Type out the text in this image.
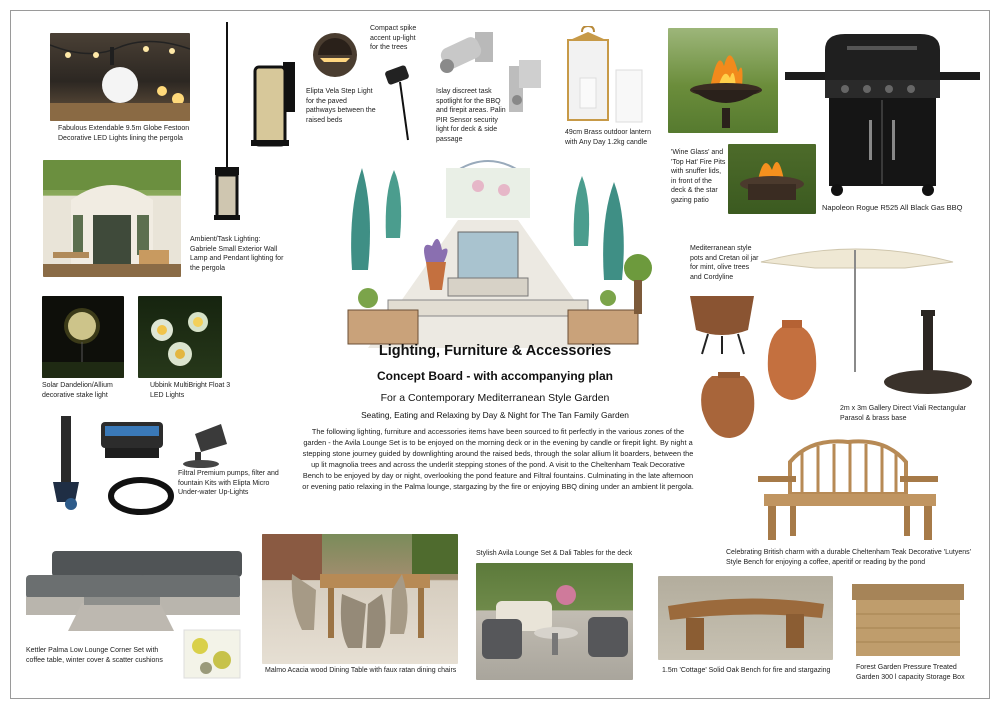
Fabulous Extendable 9.5m Globe Festoon Decorative LED Lights lining the pergola
Elipta Vela Step Light for the paved pathways between the raised beds
Compact spike accent up-light for the trees
Islay discreet task spotlight for the BBQ and firepit areas. Palin PIR Sensor security light for deck & side passage
49cm Brass outdoor lantern with Any Day 1.2kg candle
'Wine Glass' and 'Top Hat' Fire Pits with snuffer lids, in front of the deck & the star gazing patio
Napoleon Rogue R525 All Black Gas BBQ
Ambient/Task Lighting: Gabriele Small Exterior Wall Lamp and Pendant lighting for the pergola
Lighting, Furniture & Accessories
Concept Board - with accompanying plan
For a Contemporary Mediterranean Style Garden
Seating, Eating and Relaxing by Day & Night for The Tan Family Garden
The following lighting, furniture and accessories items have been sourced to fit perfectly in the various zones of the garden - the Avila Lounge Set is to be enjoyed on the morning deck or in the evening by candle or firepit light. By night a stepping stone journey guided by downlighting around the raised beds, through the solar allium lit boarders, between the up lit magnolia trees and across the underlit stepping stones of the pond. A visit to the Cheltenham Teak Decorative Bench to be enjoyed by day or night, overlooking the pond feature and Filtral fountains. Culminating in the late afternoon or evening patio relaxing in the Palma lounge, stargazing by the fire or enjoying BBQ dining under an ambient lit pergola.
Mediterranean style pots and Cretan oil jar for mint, olive trees and Cordyline
2m x 3m Gallery Direct Viali Rectangular Parasol & brass base
Solar Dandelion/Allium decorative stake light
Ubbink MultiBright Float 3 LED Lights
Filtral Premium pumps, filter and fountain Kits with Elipta Micro Under-water Up-Lights
Celebrating British charm with a durable Cheltenham Teak Decorative 'Lutyens' Style Bench for enjoying a coffee, aperitif or reading by the pond
Kettler Palma Low Lounge Corner Set with coffee table, winter cover & scatter cushions
Malmo Acacia wood Dining Table with faux ratan dining chairs
Stylish Avila Lounge Set & Dali Tables for the deck
1.5m 'Cottage' Solid Oak Bench for fire and stargazing	Forest Garden Pressure Treated Garden 300 l capacity Storage Box
